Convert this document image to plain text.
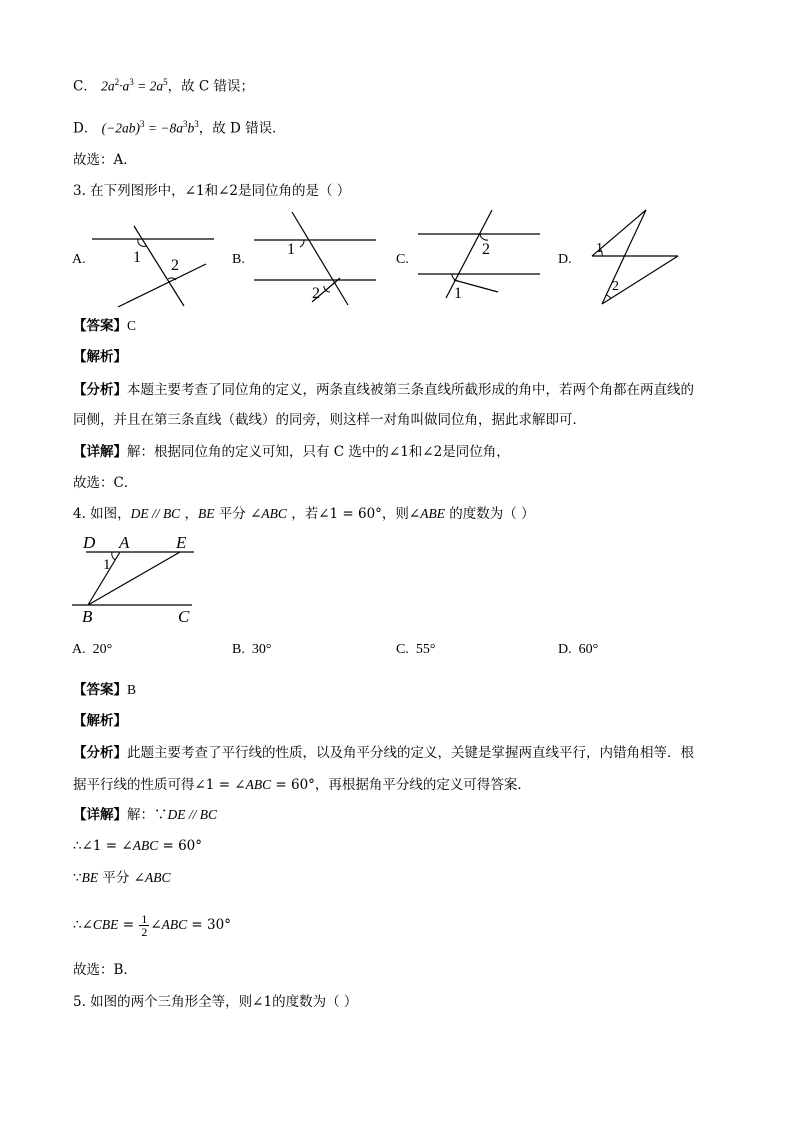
C． $2a^2\cdot a^3 = 2a^5$，故 C 错误；
D． $(-2ab)^3 = -8a^3b^3$，故 D 错误．
故选：A．
3. 在下列图形中，∠1和∠2是同位角的是（ ）
A.	1 2	B.
1
2
C.
2
1
D.
1
2
【答案】C
【解析】
【分析】本题主要考查了同位角的定义，两条直线被第三条直线所截形成的角中，若两个角都在两直线的
同侧，并且在第三条直线（截线）的同旁，则这样一对角叫做同位角，据此求解即可．
【详解】解：根据同位角的定义可知，只有 C 选中的∠1和∠2是同位角，
故选：C．
4. 如图，DE // BC ，BE 平分 ∠ABC ，若∠1 = 60°，则∠ABE 的度数为（ ）
D A	E
B	C
1
A. 20°	B. 30°	C. 55°	D. 60°
【答案】B
【解析】
【分析】此题主要考查了平行线的性质，以及角平分线的定义，关键是掌握两直线平行，内错角相等．根
据平行线的性质可得∠1 = ∠ABC = 60°，再根据角平分线的定义可得答案．
【详解】解：∵DE // BC
∴∠1 = ∠ABC = 60°
∵BE 平分 ∠ABC
∴∠CBE = $\frac{1}{2}$ ∠ABC = 30°
故选：B．
5. 如图的两个三角形全等，则∠1的度数为（ ）
